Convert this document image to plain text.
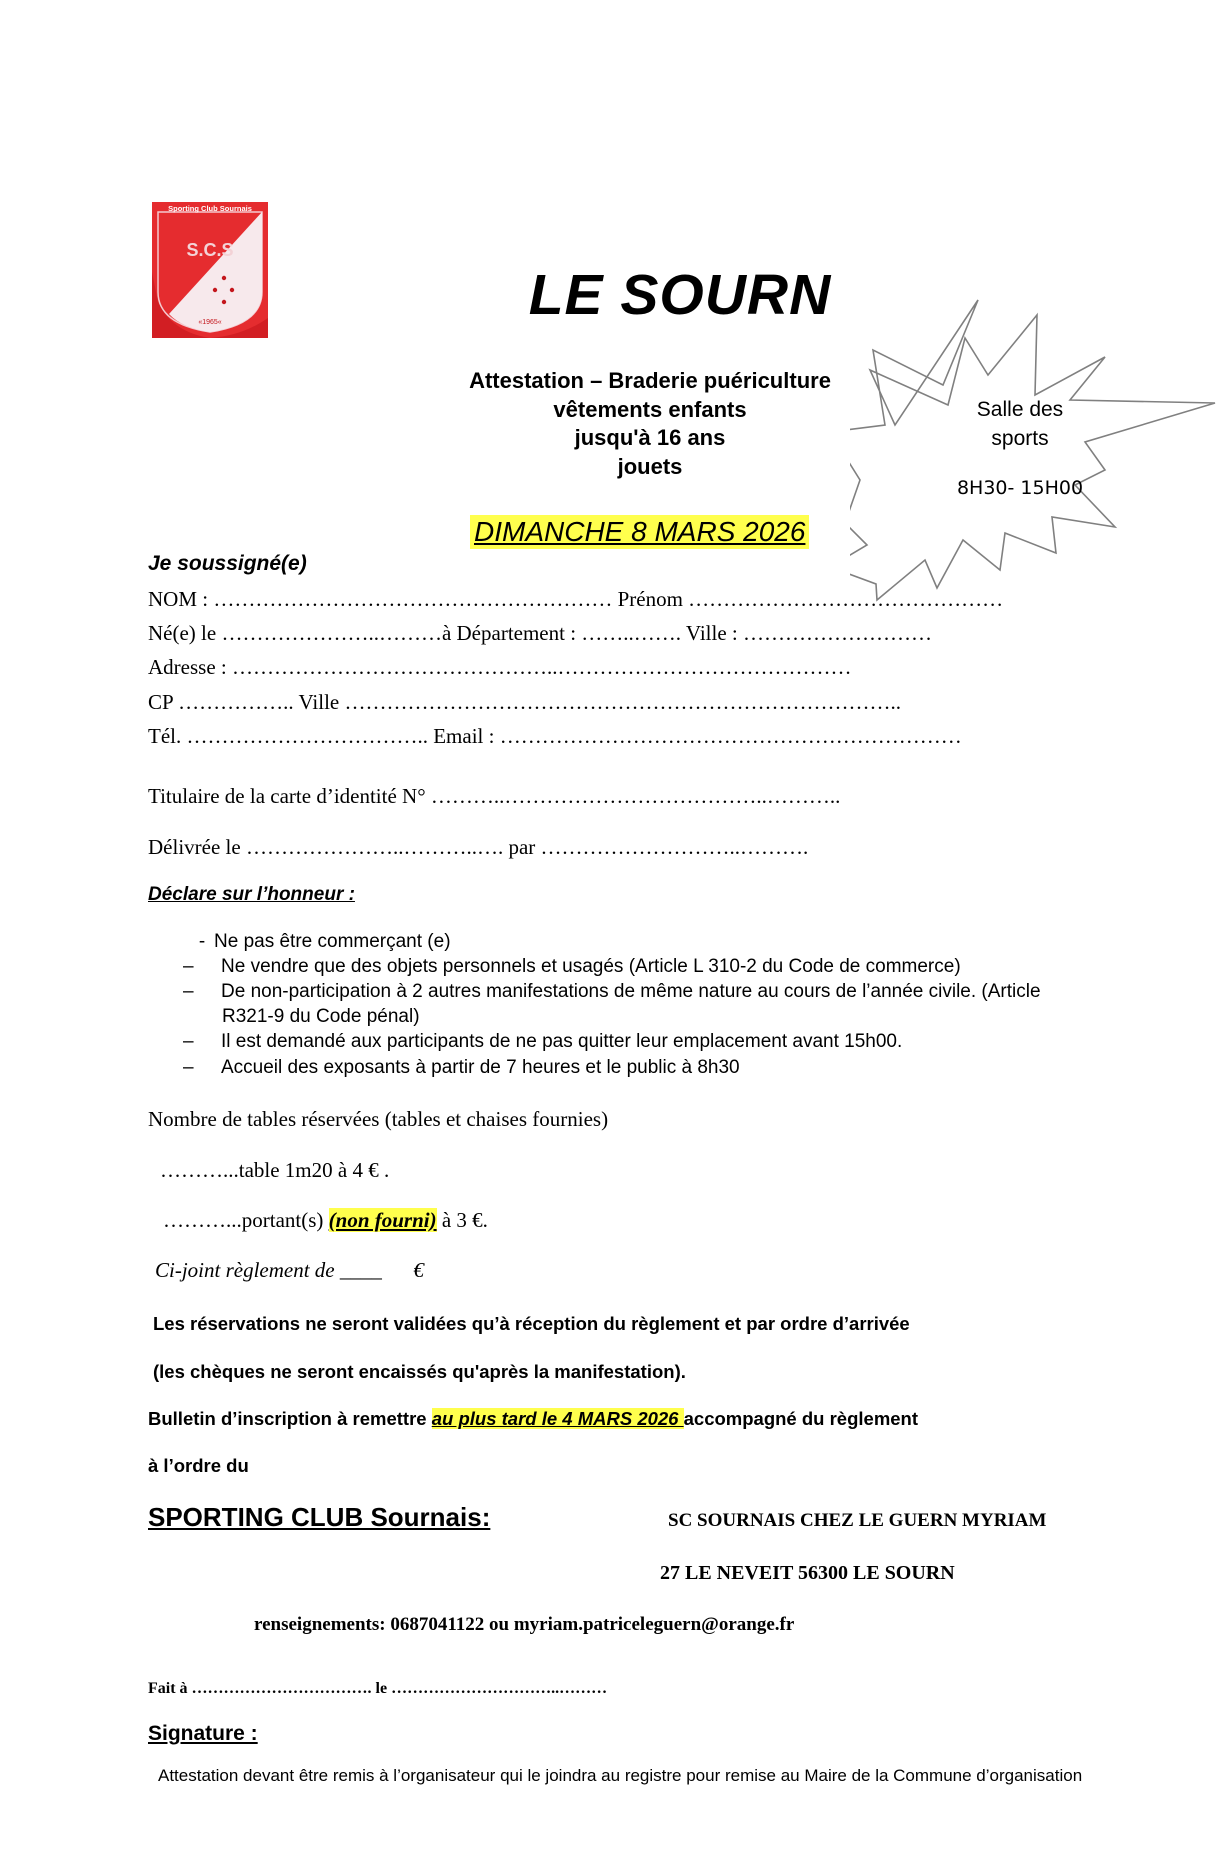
Sporting Club Sournais
S.C.S
«1965«	LE SOURN
Attestation – Braderie puériculture
vêtements enfants
jusqu'à 16 ans
jouets
DIMANCHE 8 MARS 2026
Salle des
sports
8H30- 15H00
Je soussigné(e)
NOM : ………………………………………………… Prénom ………………………………………
Né(e) le …………………..………à Département : ……..……. Ville : ………………………
Adresse : ………………………………………..……………………………………
CP …………….. Ville ……………………………………………………………………..
Tél. …………………………….. Email : …………………………………………………………
Titulaire de la carte d’identité N° ………..………………………………..………..
Délivrée le …………………..………..…. par ………………………..……….
Déclare sur l’honneur :
- Ne pas être commerçant (e)
– Ne vendre que des objets personnels et usagés (Article L 310-2 du Code de commerce)
– De non-participation à 2 autres manifestations de même nature au cours de l’année civile. (Article
R321-9 du Code pénal)
– Il est demandé aux participants de ne pas quitter leur emplacement avant 15h00.
– Accueil des exposants à partir de 7 heures et le public à 8h30
Nombre de tables réservées (tables et chaises fournies)
………...table 1m20 à 4 € .
………...portant(s) (non fourni) à 3 €.
Ci-joint règlement de ____      €
Les réservations ne seront validées qu’à réception du règlement et par ordre d’arrivée
(les chèques ne seront encaissés qu'après la manifestation).
Bulletin d’inscription à remettre au plus tard le 4 MARS 2026 accompagné du règlement
à l’ordre du
SPORTING CLUB Sournais:	SC SOURNAIS CHEZ LE GUERN MYRIAM
27 LE NEVEIT 56300 LE SOURN
renseignements: 0687041122 ou myriam.patriceleguern@orange.fr
Fait à ……………………………. le …………………………..………
Signature :
Attestation devant être remis à l’organisateur qui le joindra au registre pour remise au Maire de la Commune d’organisation
